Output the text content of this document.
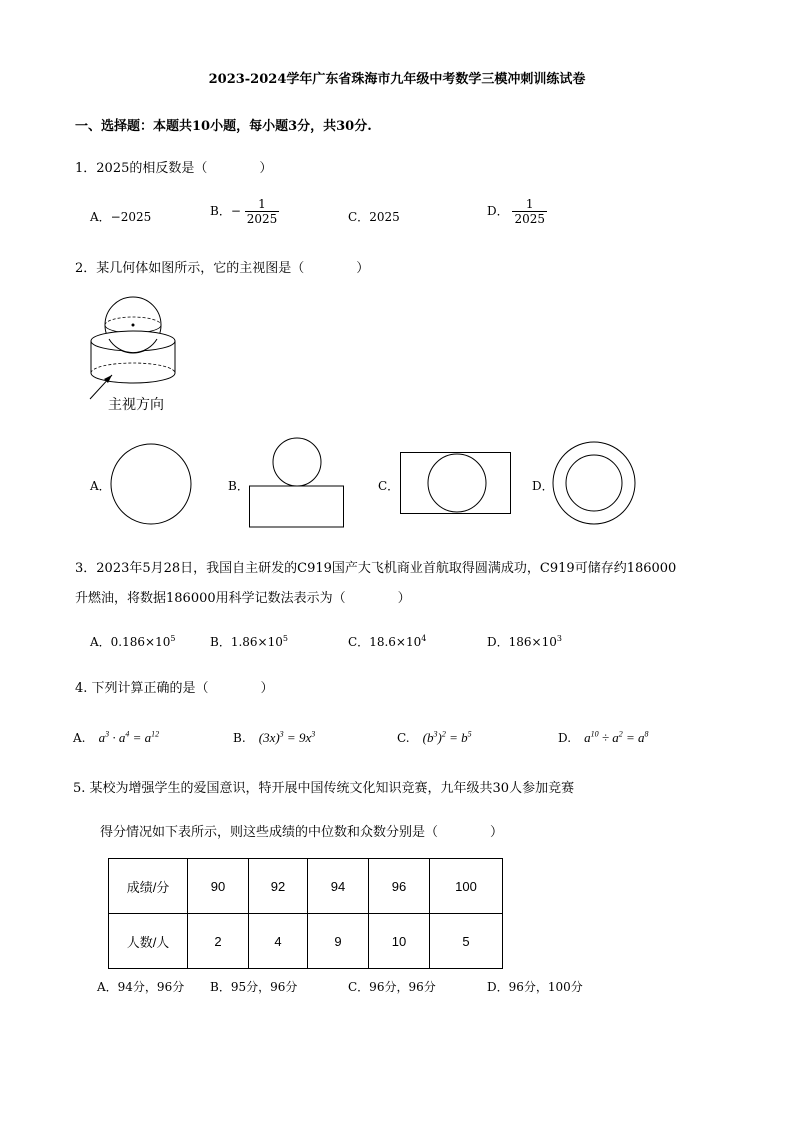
2023-2024学年广东省珠海市九年级中考数学三模冲刺训练试卷
一、选择题：本题共10小题，每小题3分，共30分.
1．2025的相反数是（　　　　）
A．−2025	B．− $\frac{1}{2025}$	C．2025	D． $\frac{1}{2025}$
2．某几何体如图所示，它的主视图是（　　　　）
主视方向
A．	B．	C．	D．
3．2023年5月28日，我国自主研发的C919国产大飞机商业首航取得圆满成功，C919可储存约186000
升燃油，将数据186000用科学记数法表示为（　　　　）
A．$0.186\times 10^5$	B．$1.86\times 10^5$	C．$18.6\times 10^4$	D．$186\times 10^3$
4. 下列计算正确的是（　　　　）
A. $a^3 \cdot a^4 = a^{12}$	B. $(3x)^3 = 9x^3$	C. $(b^3)^2 = b^5$	D. $a^{10} \div a^2 = a^8$
5. 某校为增强学生的爱国意识，特开展中国传统文化知识竞赛，九年级共30人参加竞赛
得分情况如下表所示，则这些成绩的中位数和众数分别是（　　　　）
成绩/分	90	92	94	96	100
人数/人	2	4	9	10	5
A．94分，96分 B．95分，96分	C．96分，96分	D．96分，100分
